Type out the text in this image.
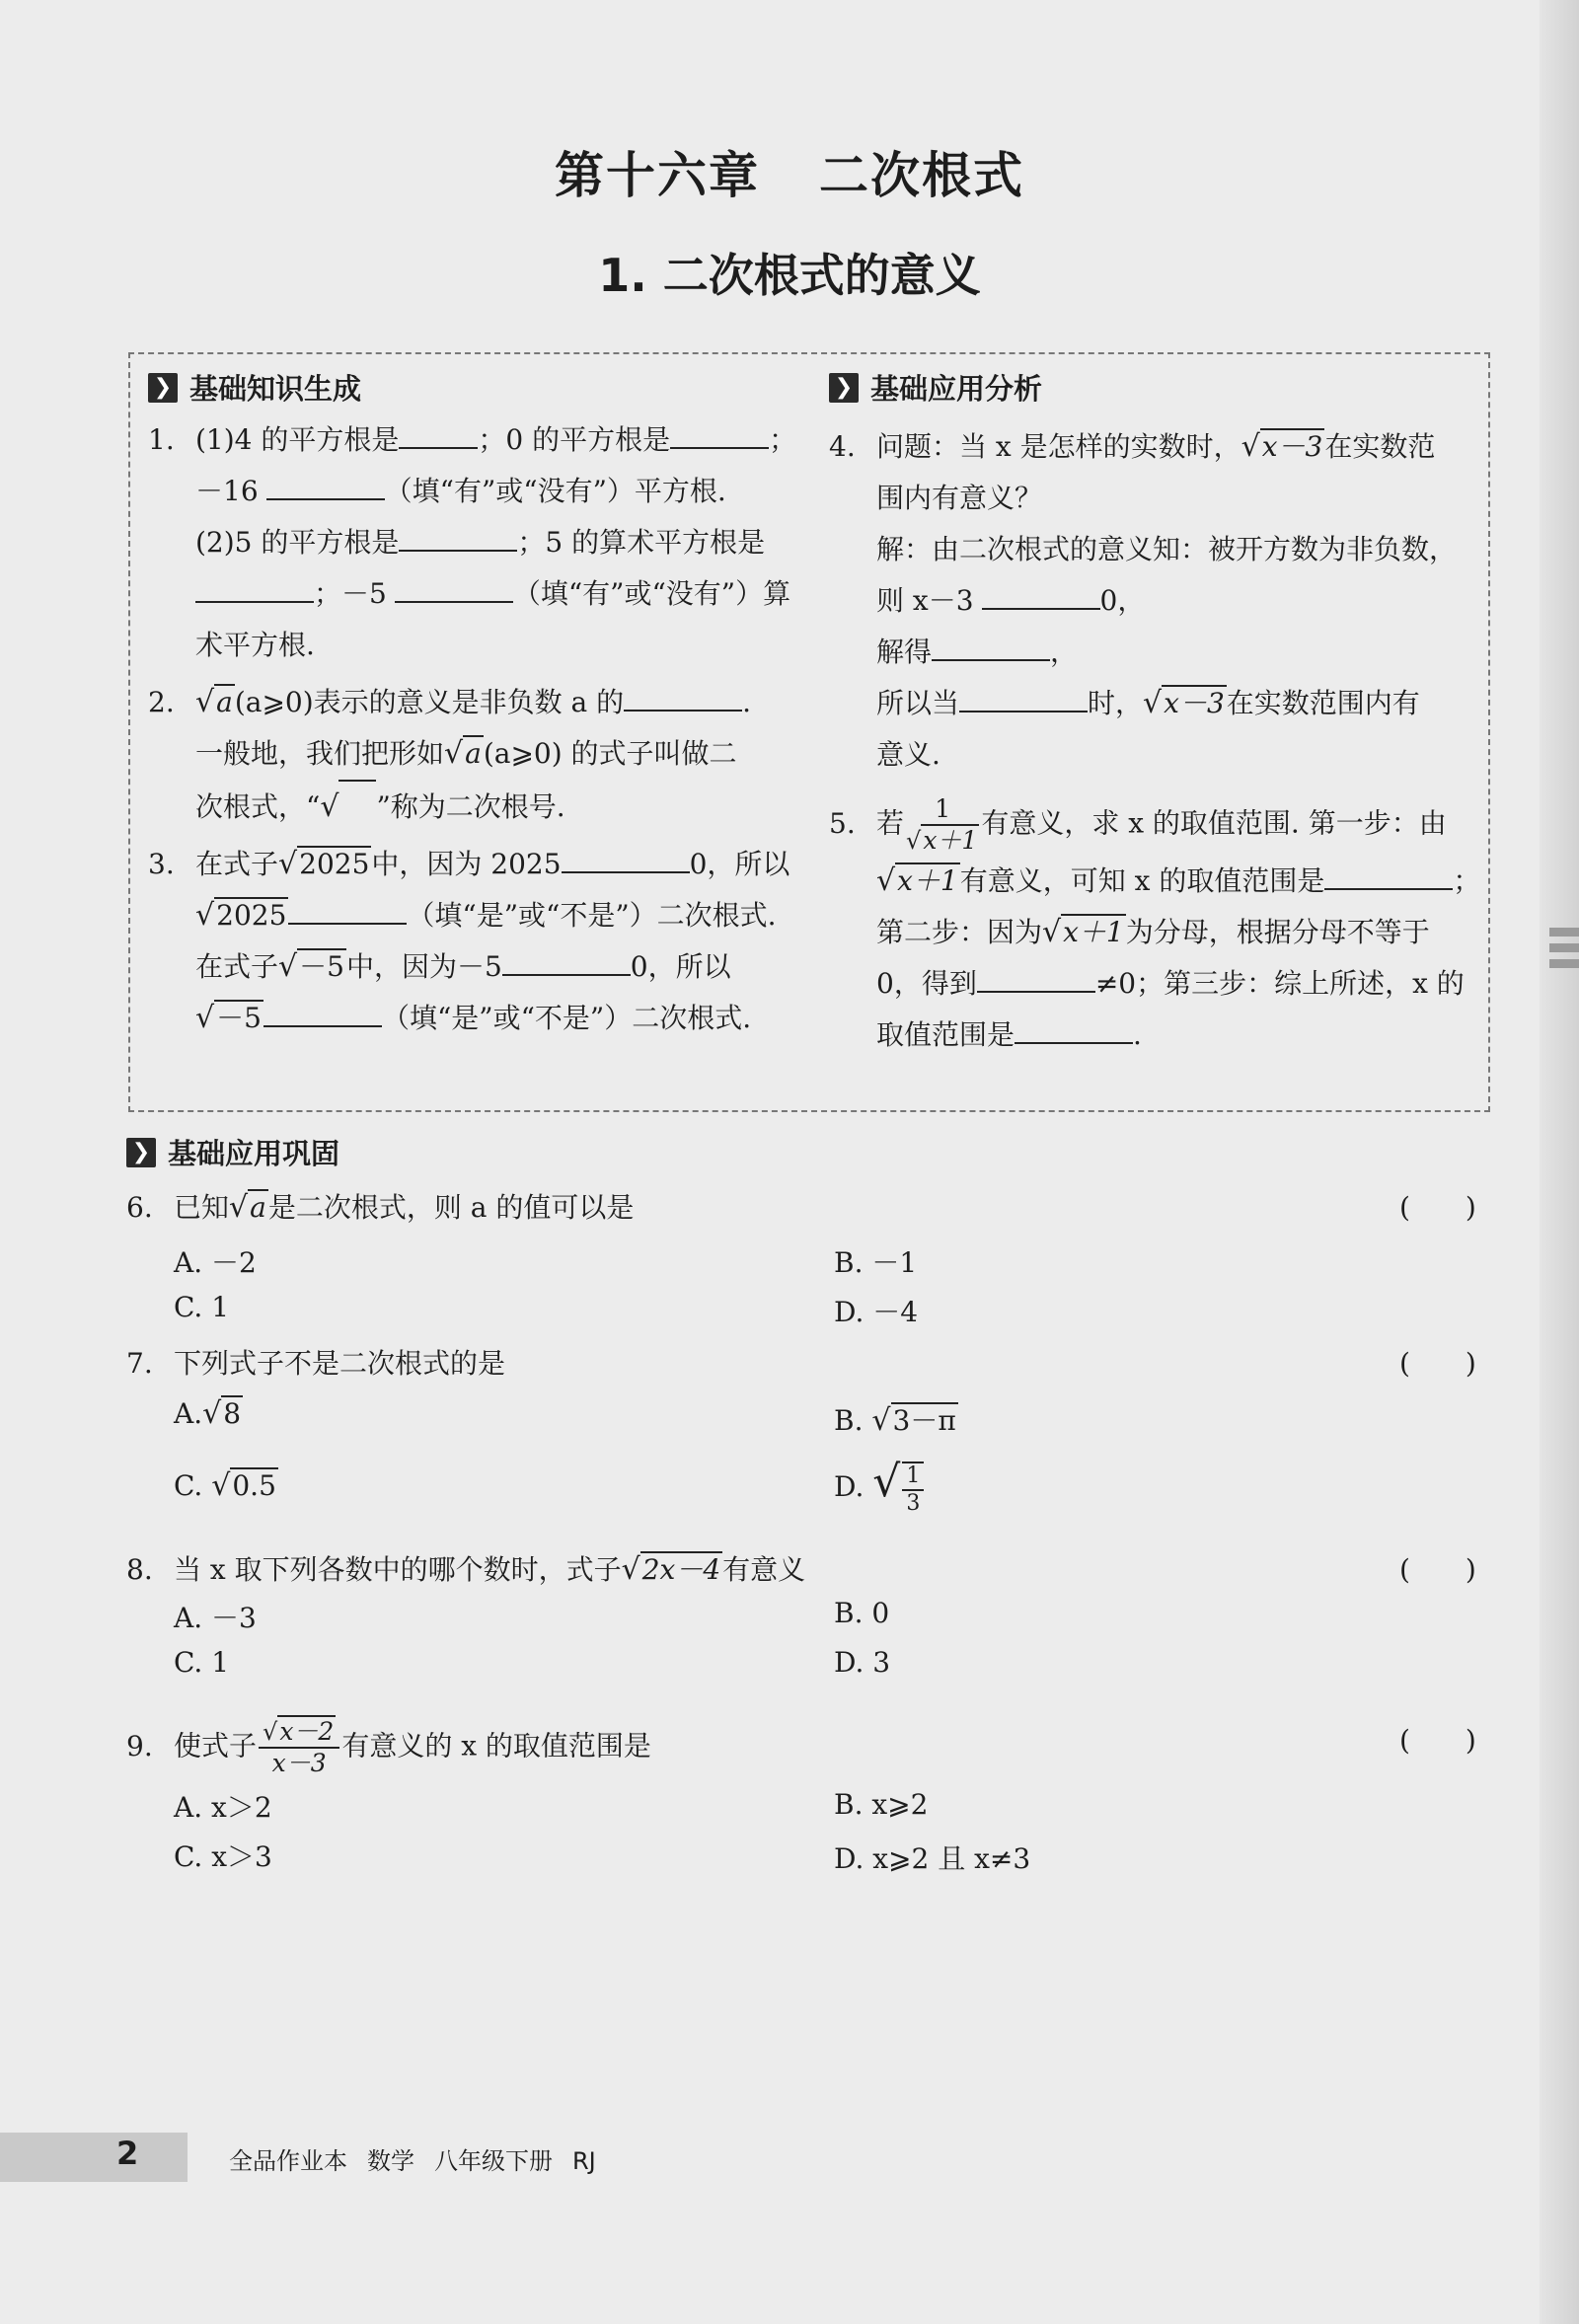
第十六章 二次根式
1. 二次根式的意义
❯ 基础知识生成
1. (1)4 的平方根是	；0 的平方根是	；
－16	（填“有”或“没有”）平方根.
(2)5 的平方根是	；5 的算术平方根是
；－5	（填“有”或“没有”）算
术平方根.
2. √a(a⩾0)表示的意义是非负数 a 的	.
一般地，我们把形如√a(a⩾0) 的式子叫做二
次根式，“√ ”称为二次根号.
3. 在式子√2025中，因为 2025	0，所以
√2025	（填“是”或“不是”）二次根式.
在式子√－5中，因为－5	0，所以
√－5	（填“是”或“不是”）二次根式.
❯ 基础应用分析
4. 问题：当 x 是怎样的实数时，√x－3在实数范
围内有意义？
解：由二次根式的意义知：被开方数为非负数，
则 x－3	0，
解得	，
所以当	时，√x－3在实数范围内有
意义.
5. 若 $\frac{1}{√x+1}$ 有意义，求 x 的取值范围. 第一步：由
√x＋1有意义，可知 x 的取值范围是	；
第二步：因为√x＋1为分母，根据分母不等于
0，得到	≠0；第三步：综上所述，x 的
取值范围是	.
❯ 基础应用巩固
6. 已知√a是二次根式，则 a 的值可以是	(　　)
A. －2	B. －1
C. 1	D. －4
7. 下列式子不是二次根式的是	(　　)
A.√8	B. √3－π
C. √0.5	D. √ $\frac{1}{3}$
8. 当 x 取下列各数中的哪个数时，式子√2x－4有意义	(　　)
A. －3	B. 0
C. 1	D. 3
9. 使式子 $\frac{√x-2}{x-3}$ 有意义的 x 的取值范围是	(　　)
A. x＞2	B. x⩾2
C. x＞3	D. x⩾2 且 x≠3
2	全品作业本 数学 八年级下册 RJ
